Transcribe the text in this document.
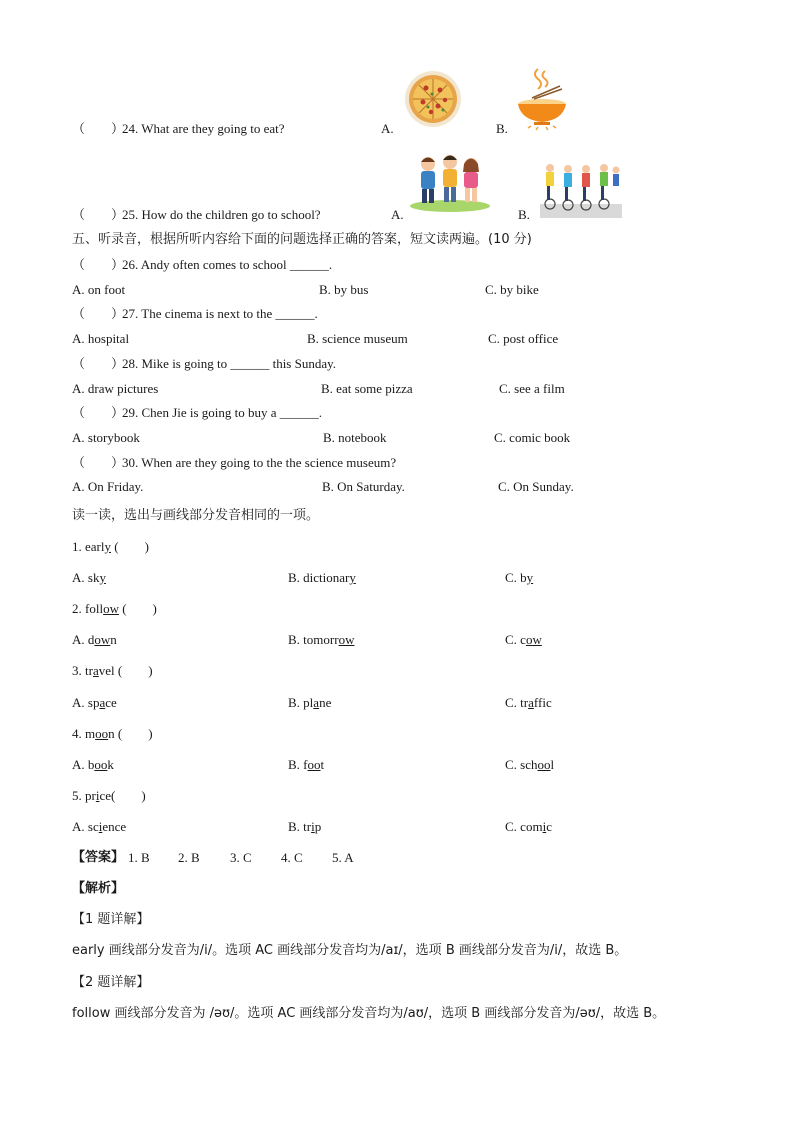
（　　）
24. What are they going to eat?	A.	B.
（　　）
25. How do the children go to school?	A.	B.
五、听录音，根据所听内容给下面的问题选择正确的答案，短文读两遍。(10 分)
（　　）
26. Andy often comes to school ______.
A. on foot	B. by bus	C. by bike
（　　）
27. The cinema is next to the ______.
A. hospital	B. science museum	C. post office
（　　）
28. Mike is going to ______ this Sunday.
A. draw pictures	B. eat some pizza	C. see a film
（　　）
29. Chen Jie is going to buy a ______.
A. storybook	B. notebook	C. comic book
（　　）
30. When are they going to the the science museum?
A. On Friday.	B. On Saturday.	C. On Sunday.
读一读，选出与画线部分发音相同的一项。
1. early (　　)
A. sky	B. dictionary	C. by
2. follow (　　)
A. down	B. tomorrow	C. cow
3. travel (　　)
A. space	B. plane	C. traffic
4. moon (　　)
A. book	B. foot	C. school
5. price(　　)
A. science	B. trip	C. comic
【答案】 1. B 2. B 3. C 4. C 5. A
【解析】
【1 题详解】
early 画线部分发音为/i/。选项 AC 画线部分发音均为/aɪ/，选项 B 画线部分发音为/i/，故选 B。
【2 题详解】
follow 画线部分发音为 /əʊ/。选项 AC 画线部分发音均为/aʊ/，选项 B 画线部分发音为/əʊ/，故选 B。
